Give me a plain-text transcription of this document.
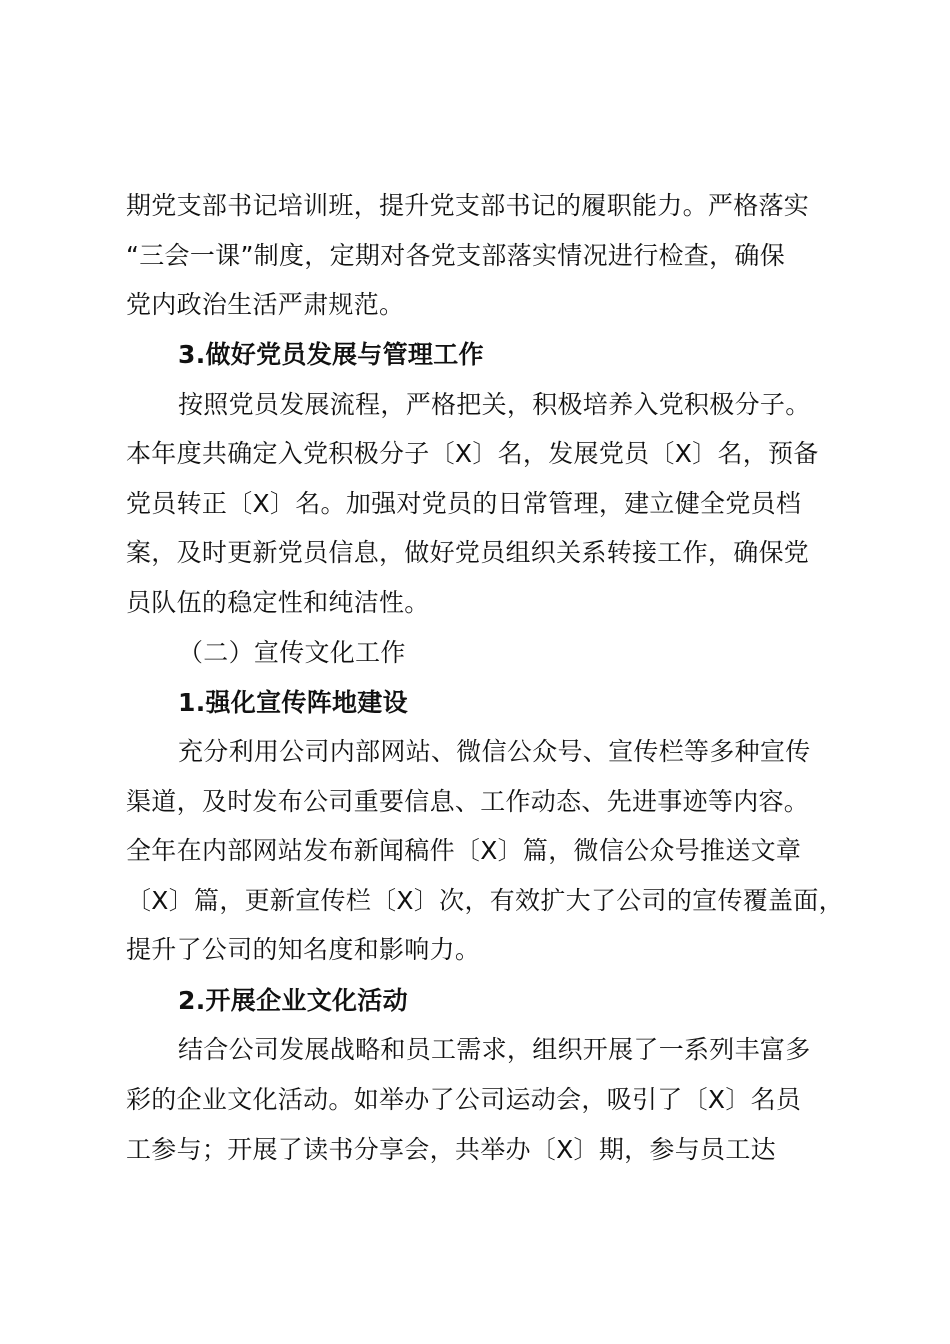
期党支部书记培训班，提升党支部书记的履职能力。严格落实
“三会一课”制度，定期对各党支部落实情况进行检查，确保
党内政治生活严肃规范。
3.做好党员发展与管理工作
按照党员发展流程，严格把关，积极培养入党积极分子。
本年度共确定入党积极分子〔X〕名，发展党员〔X〕名，预备
党员转正〔X〕名。加强对党员的日常管理，建立健全党员档
案，及时更新党员信息，做好党员组织关系转接工作，确保党
员队伍的稳定性和纯洁性。
（二）宣传文化工作
1.强化宣传阵地建设
充分利用公司内部网站、微信公众号、宣传栏等多种宣传
渠道，及时发布公司重要信息、工作动态、先进事迹等内容。
全年在内部网站发布新闻稿件〔X〕篇，微信公众号推送文章
〔X〕篇，更新宣传栏〔X〕次，有效扩大了公司的宣传覆盖面，
提升了公司的知名度和影响力。
2.开展企业文化活动
结合公司发展战略和员工需求，组织开展了一系列丰富多
彩的企业文化活动。如举办了公司运动会，吸引了〔X〕名员
工参与；开展了读书分享会，共举办〔X〕期，参与员工达
